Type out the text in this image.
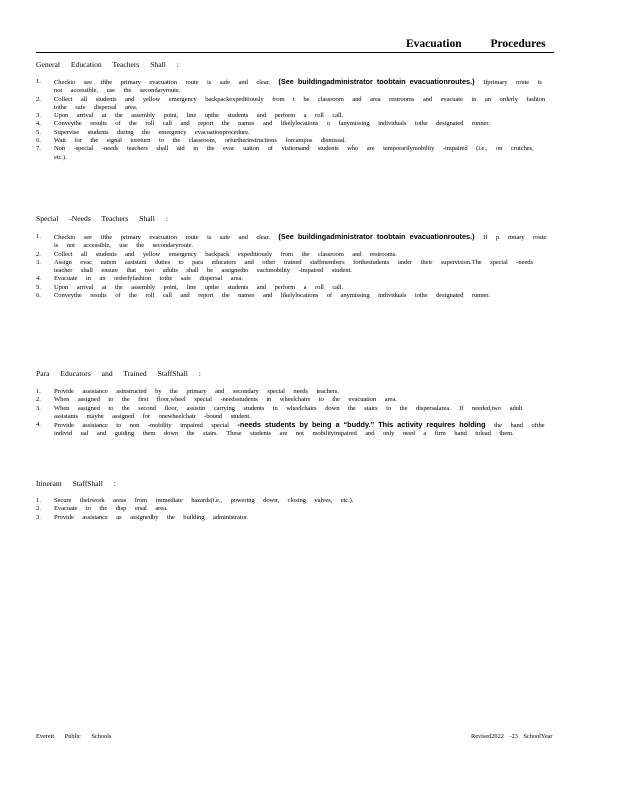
Evacuation Procedures
General Education Teachers Shall :
1. Checkto see ifthe primary evacuation route is safe and clear. (See buildingadministrator toobtain evacuationroutes.) Ifprimary route is not accessible, use the secondaryroute.
2. Collect all students and yellow emergency backpackexpeditiously from t he classroom and area restrooms and evacuate in an orderly fashion tothe safe dispersal area.
3. Upon arrival at the assembly point, line upthe students and perform a roll call.
4. Conveythe results of the roll call and report the names and likelylocations o fanymissing individuals tothe designated runner.
5. Supervise students during the emergency evacuationprocedure.
6. Wait for the signal toreturn to the classroom, orfurtherinstructions forcampus dismissal.
7. Non -special -needs teachers shall aid in the evac uation of visitorsand students who are temporarilymobility -impaired (i.e., on crutches, etc.).
Special -Needs Teachers Shall :
1. Checkto see ifthe primary evacuation route is safe and clear. (See buildingadministrator toobtain evacuationroutes.) If p rimary route is not accessible, use the secondaryroute.
2. Collect all students and yellow emergency backpack expeditiously from the classroom and restrooms.
3. Assign evac uation assistant duties to para educators and other trained staffmembers forthestudents under their supervision.The special -needs teacher shall ensure that two adults shall be assignedto eachmobility -impaired student.
4. Evacuate in an orderlyfashion tothe safe dispersal area.
5. Upon arrival at the assembly point, line upthe students and perform a roll call.
6. Conveythe results of the roll call and report the names and likelylocations of anymissing individuals tothe designated runner.
Para Educators and Trained StaffShall :
1. Provide assistance asinstructed by the primary and secondary special needs teachers.
2. When assigned to the first floor,wheel special -needsstudents in wheelchairs to the evacuation area.
3. When assigned to the second floor, assistin carrying students in wheelchairs down the stairs to the dispersalarea. If needed,two adult assistants maybe assigned for onewheelchair -bound student.
4. Provide assistance to non -mobility impaired special -needs students by being a “buddy.” This activity requires holding the hand ofthe individ ual and guiding them down the stairs. These students are not mobilityimpaired and only need a firm hand tolead them.
Itinerant StaffShall :
1. Secure theirwork areas from immediate hazards(i.e., powering down, closing valves, etc.).
2. Evacuate to the disp ersal area.
3. Provide assistance as assignedby the building administrator.
Everett Public Schools	Revised2022 -23 SchoolYear
